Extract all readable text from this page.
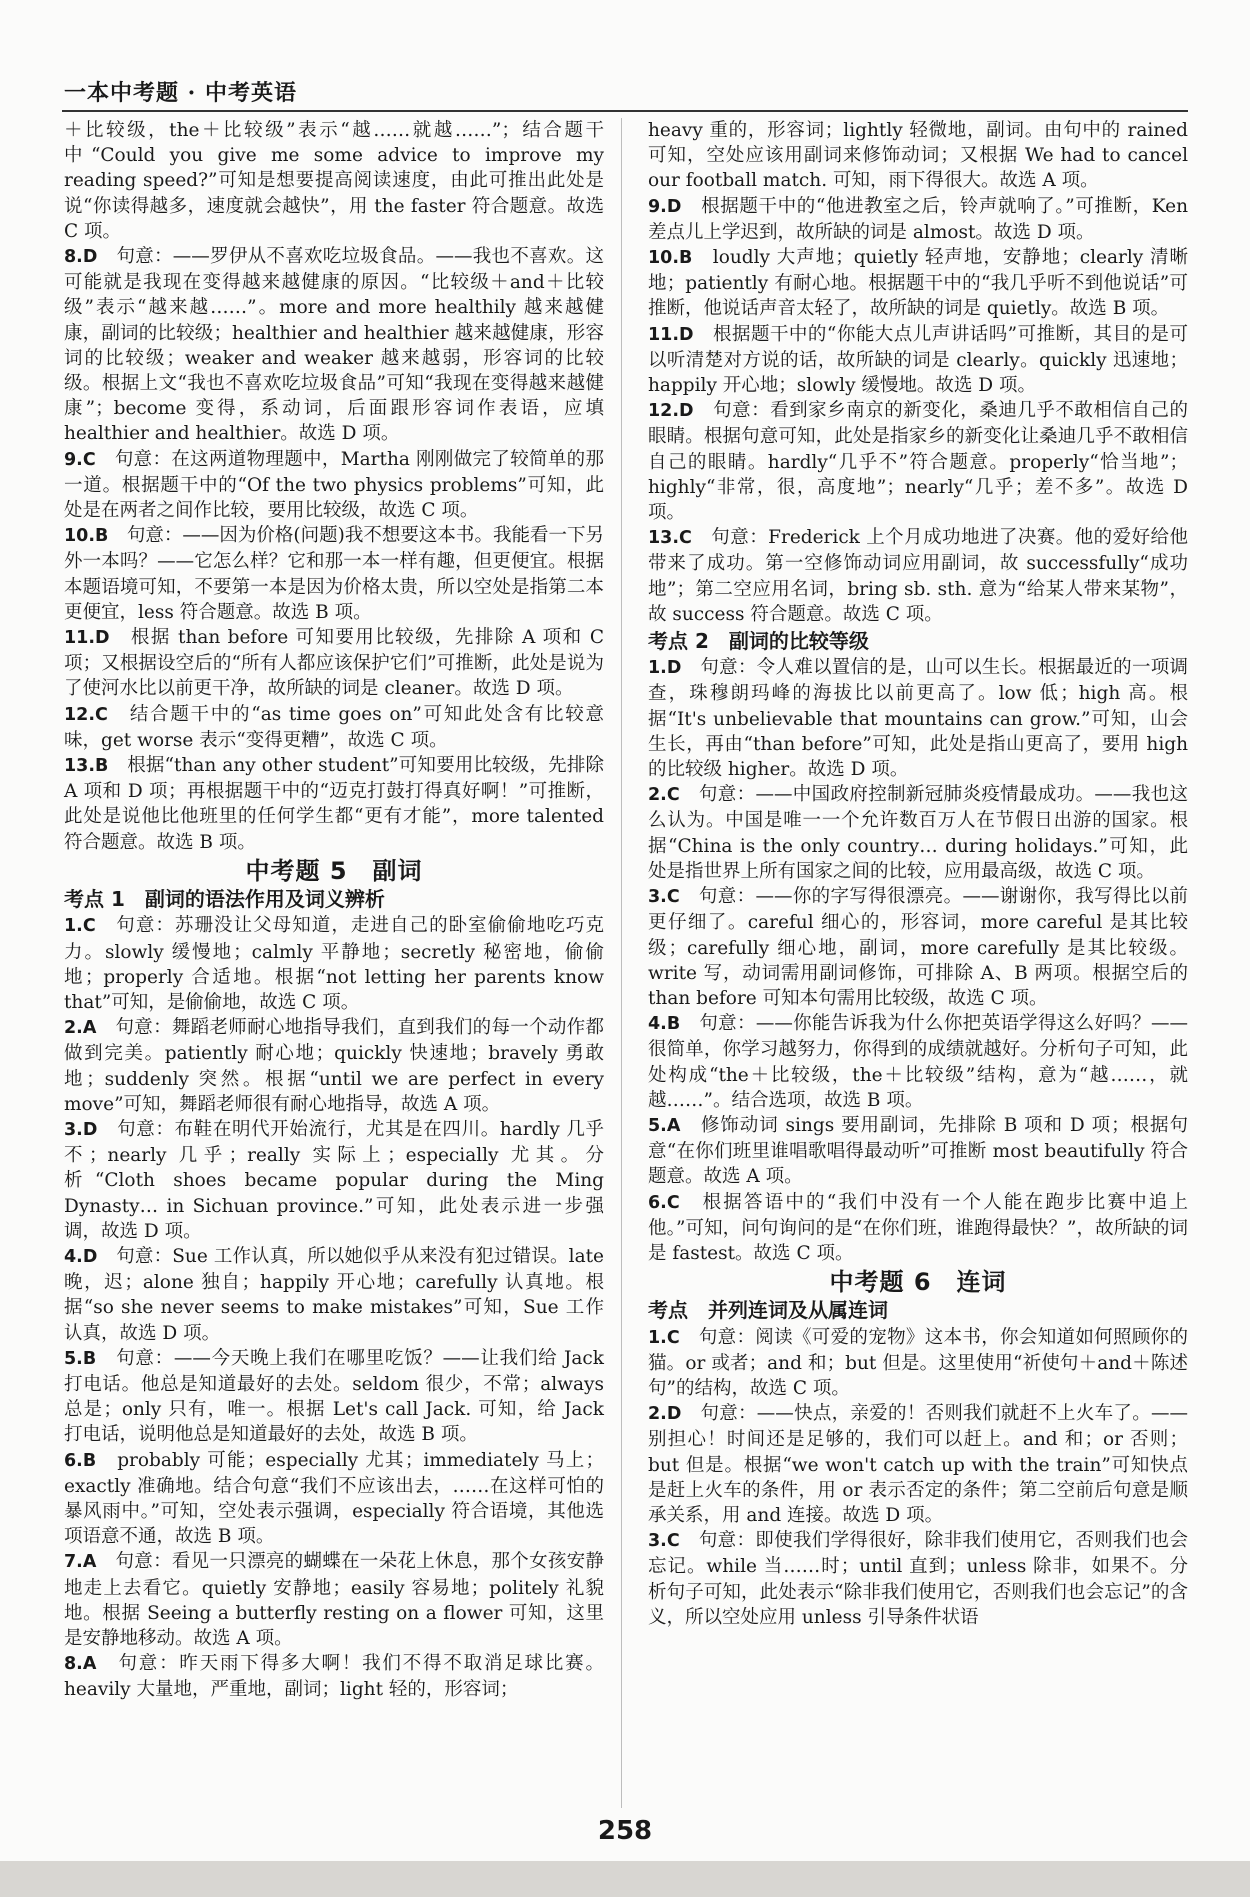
一本中考题 · 中考英语

＋比较级，the＋比较级”表示“越……就越……”；结合题干中“Could you give me some advice to improve my reading speed?”可知是想要提高阅读速度，由此可推出此处是说“你读得越多，速度就会越快”，用 the faster 符合题意。故选 C 项。

8.D　 句意：——罗伊从不喜欢吃垃圾食品。——我也不喜欢。这可能就是我现在变得越来越健康的原因。“比较级＋and＋比较级”表示“越来越……”。more and more healthily 越来越健康，副词的比较级；healthier and healthier 越来越健康，形容词的比较级；weaker and weaker 越来越弱，形容词的比较级。根据上文“我也不喜欢吃垃圾食品”可知“我现在变得越来越健康”；become 变得，系动词，后面跟形容词作表语，应填 healthier and healthier。故选 D 项。

9.C　 句意：在这两道物理题中，Martha 刚刚做完了较简单的那一道。根据题干中的“Of the two physics problems”可知，此处是在两者之间作比较，要用比较级，故选 C 项。

10.B　 句意：——因为价格(问题)我不想要这本书。我能看一下另外一本吗？——它怎么样？它和那一本一样有趣，但更便宜。根据本题语境可知，不要第一本是因为价格太贵，所以空处是指第二本更便宜，less 符合题意。故选 B 项。

11.D　 根据 than before 可知要用比较级，先排除 A 项和 C 项；又根据设空后的“所有人都应该保护它们”可推断，此处是说为了使河水比以前更干净，故所缺的词是 cleaner。故选 D 项。

12.C　 结合题干中的“as time goes on”可知此处含有比较意味，get worse 表示“变得更糟”，故选 C 项。

13.B　 根据“than any other student”可知要用比较级，先排除 A 项和 D 项；再根据题干中的“迈克打鼓打得真好啊！”可推断，此处是说他比他班里的任何学生都“更有才能”，more talented 符合题意。故选 B 项。

中考题 5　副词
考点 1　副词的语法作用及词义辨析

1.C　 句意：苏珊没让父母知道，走进自己的卧室偷偷地吃巧克力。slowly 缓慢地；calmly 平静地；secretly 秘密地，偷偷地；properly 合适地。根据“not letting her parents know that”可知，是偷偷地，故选 C 项。

2.A　 句意：舞蹈老师耐心地指导我们，直到我们的每一个动作都做到完美。patiently 耐心地；quickly 快速地；bravely 勇敢地；suddenly 突然。根据“until we are perfect in every move”可知，舞蹈老师很有耐心地指导，故选 A 项。

3.D　 句意：布鞋在明代开始流行，尤其是在四川。hardly 几乎不；nearly 几乎；really 实际上；especially 尤其。分析“Cloth shoes became popular during the Ming Dynasty… in Sichuan province.”可知，此处表示进一步强调，故选 D 项。

4.D　 句意：Sue 工作认真，所以她似乎从来没有犯过错误。late 晚，迟；alone 独自；happily 开心地；carefully 认真地。根据“so she never seems to make mistakes”可知，Sue 工作认真，故选 D 项。

5.B　 句意：——今天晚上我们在哪里吃饭？——让我们给 Jack 打电话。他总是知道最好的去处。seldom 很少，不常；always 总是；only 只有，唯一。根据 Let's call Jack. 可知，给 Jack 打电话，说明他总是知道最好的去处，故选 B 项。

6.B　 probably 可能；especially 尤其；immediately 马上；exactly 准确地。结合句意“我们不应该出去，……在这样可怕的暴风雨中。”可知，空处表示强调，especially 符合语境，其他选项语意不通，故选 B 项。

7.A　 句意：看见一只漂亮的蝴蝶在一朵花上休息，那个女孩安静地走上去看它。quietly 安静地；easily 容易地；politely 礼貌地。根据 Seeing a butterfly resting on a flower 可知，这里是安静地移动。故选 A 项。

8.A　 句意：昨天雨下得多大啊！我们不得不取消足球比赛。heavily 大量地，严重地，副词；light 轻的，形容词；

heavy 重的，形容词；lightly 轻微地，副词。由句中的 rained 可知，空处应该用副词来修饰动词；又根据 We had to cancel our football match. 可知，雨下得很大。故选 A 项。

9.D　 根据题干中的“他进教室之后，铃声就响了。”可推断，Ken 差点儿上学迟到，故所缺的词是 almost。故选 D 项。

10.B　 loudly 大声地；quietly 轻声地，安静地；clearly 清晰地；patiently 有耐心地。根据题干中的“我几乎听不到他说话”可推断，他说话声音太轻了，故所缺的词是 quietly。故选 B 项。

11.D　 根据题干中的“你能大点儿声讲话吗”可推断，其目的是可以听清楚对方说的话，故所缺的词是 clearly。quickly 迅速地；happily 开心地；slowly 缓慢地。故选 D 项。

12.D　 句意：看到家乡南京的新变化，桑迪几乎不敢相信自己的眼睛。根据句意可知，此处是指家乡的新变化让桑迪几乎不敢相信自己的眼睛。hardly“几乎不”符合题意。properly“恰当地”；highly“非常，很，高度地”；nearly“几乎；差不多”。故选 D 项。

13.C　 句意：Frederick 上个月成功地进了决赛。他的爱好给他带来了成功。第一空修饰动词应用副词，故 successfully“成功地”；第二空应用名词，bring sb. sth. 意为“给某人带来某物”，故 success 符合题意。故选 C 项。

考点 2　副词的比较等级

1.D　 句意：令人难以置信的是，山可以生长。根据最近的一项调查，珠穆朗玛峰的海拔比以前更高了。low 低；high 高。根据“It's unbelievable that mountains can grow.”可知，山会生长，再由“than before”可知，此处是指山更高了，要用 high 的比较级 higher。故选 D 项。

2.C　 句意：——中国政府控制新冠肺炎疫情最成功。——我也这么认为。中国是唯一一个允许数百万人在节假日出游的国家。根据“China is the only country… during holidays.”可知，此处是指世界上所有国家之间的比较，应用最高级，故选 C 项。

3.C　 句意：——你的字写得很漂亮。——谢谢你，我写得比以前更仔细了。careful 细心的，形容词，more careful 是其比较级；carefully 细心地，副词，more carefully 是其比较级。write 写，动词需用副词修饰，可排除 A、B 两项。根据空后的 than before 可知本句需用比较级，故选 C 项。

4.B　 句意：——你能告诉我为什么你把英语学得这么好吗？——很简单，你学习越努力，你得到的成绩就越好。分析句子可知，此处构成“the＋比较级，the＋比较级”结构，意为“越……，就越……”。结合选项，故选 B 项。

5.A　 修饰动词 sings 要用副词，先排除 B 项和 D 项；根据句意“在你们班里谁唱歌唱得最动听”可推断 most beautifully 符合题意。故选 A 项。

6.C　 根据答语中的“我们中没有一个人能在跑步比赛中追上他。”可知，问句询问的是“在你们班，谁跑得最快？”，故所缺的词是 fastest。故选 C 项。

中考题 6　连词
考点　并列连词及从属连词

1.C　 句意：阅读《可爱的宠物》这本书，你会知道如何照顾你的猫。or 或者；and 和；but 但是。这里使用“祈使句＋and＋陈述句”的结构，故选 C 项。

2.D　 句意：——快点，亲爱的！否则我们就赶不上火车了。——别担心！时间还是足够的，我们可以赶上。and 和；or 否则；but 但是。根据“we won't catch up with the train”可知快点是赶上火车的条件，用 or 表示否定的条件；第二空前后句意是顺承关系，用 and 连接。故选 D 项。

3.C　 句意：即使我们学得很好，除非我们使用它，否则我们也会忘记。while 当……时；until 直到；unless 除非，如果不。分析句子可知，此处表示“除非我们使用它，否则我们也会忘记”的含义，所以空处应用 unless 引导条件状语

258
